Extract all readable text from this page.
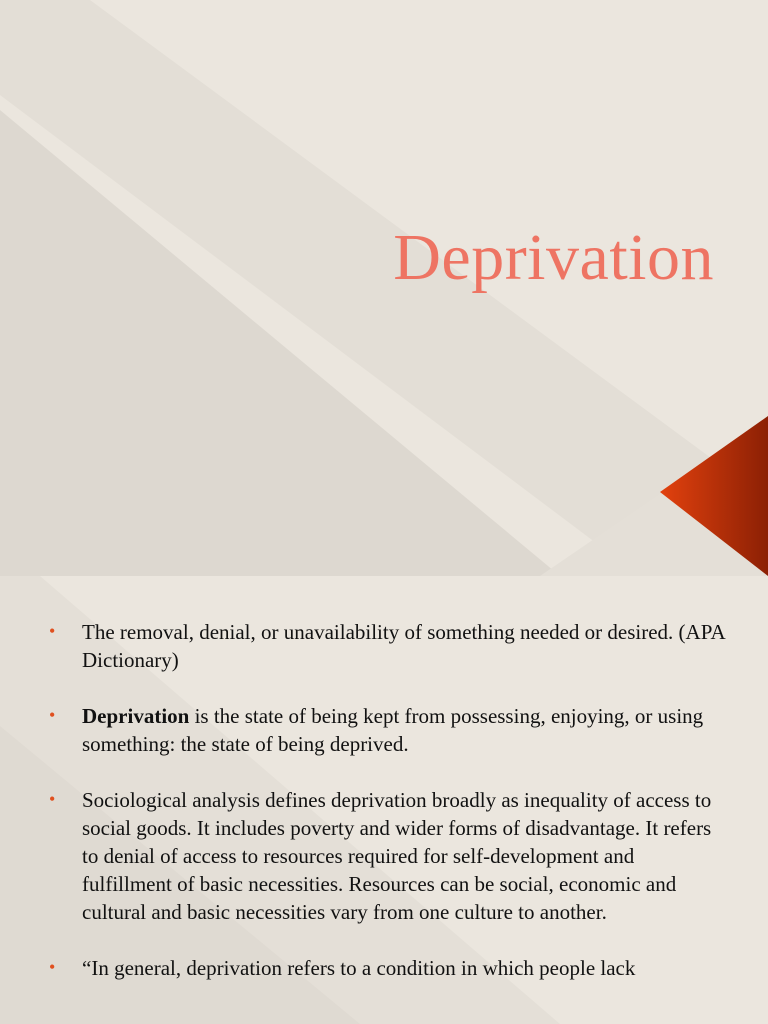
Deprivation
• The removal, denial, or unavailability of something needed or desired. (APA Dictionary)
• Deprivation is the state of being kept from possessing, enjoying, or using something: the state of being deprived.
• Sociological analysis defines deprivation broadly as inequality of access to social goods. It includes poverty and wider forms of disadvantage. It refers to denial of access to resources required for self-development and fulfillment of basic necessities. Resources can be social, economic and cultural and basic necessities vary from one culture to another.
• “In general, deprivation refers to a condition in which people lack
